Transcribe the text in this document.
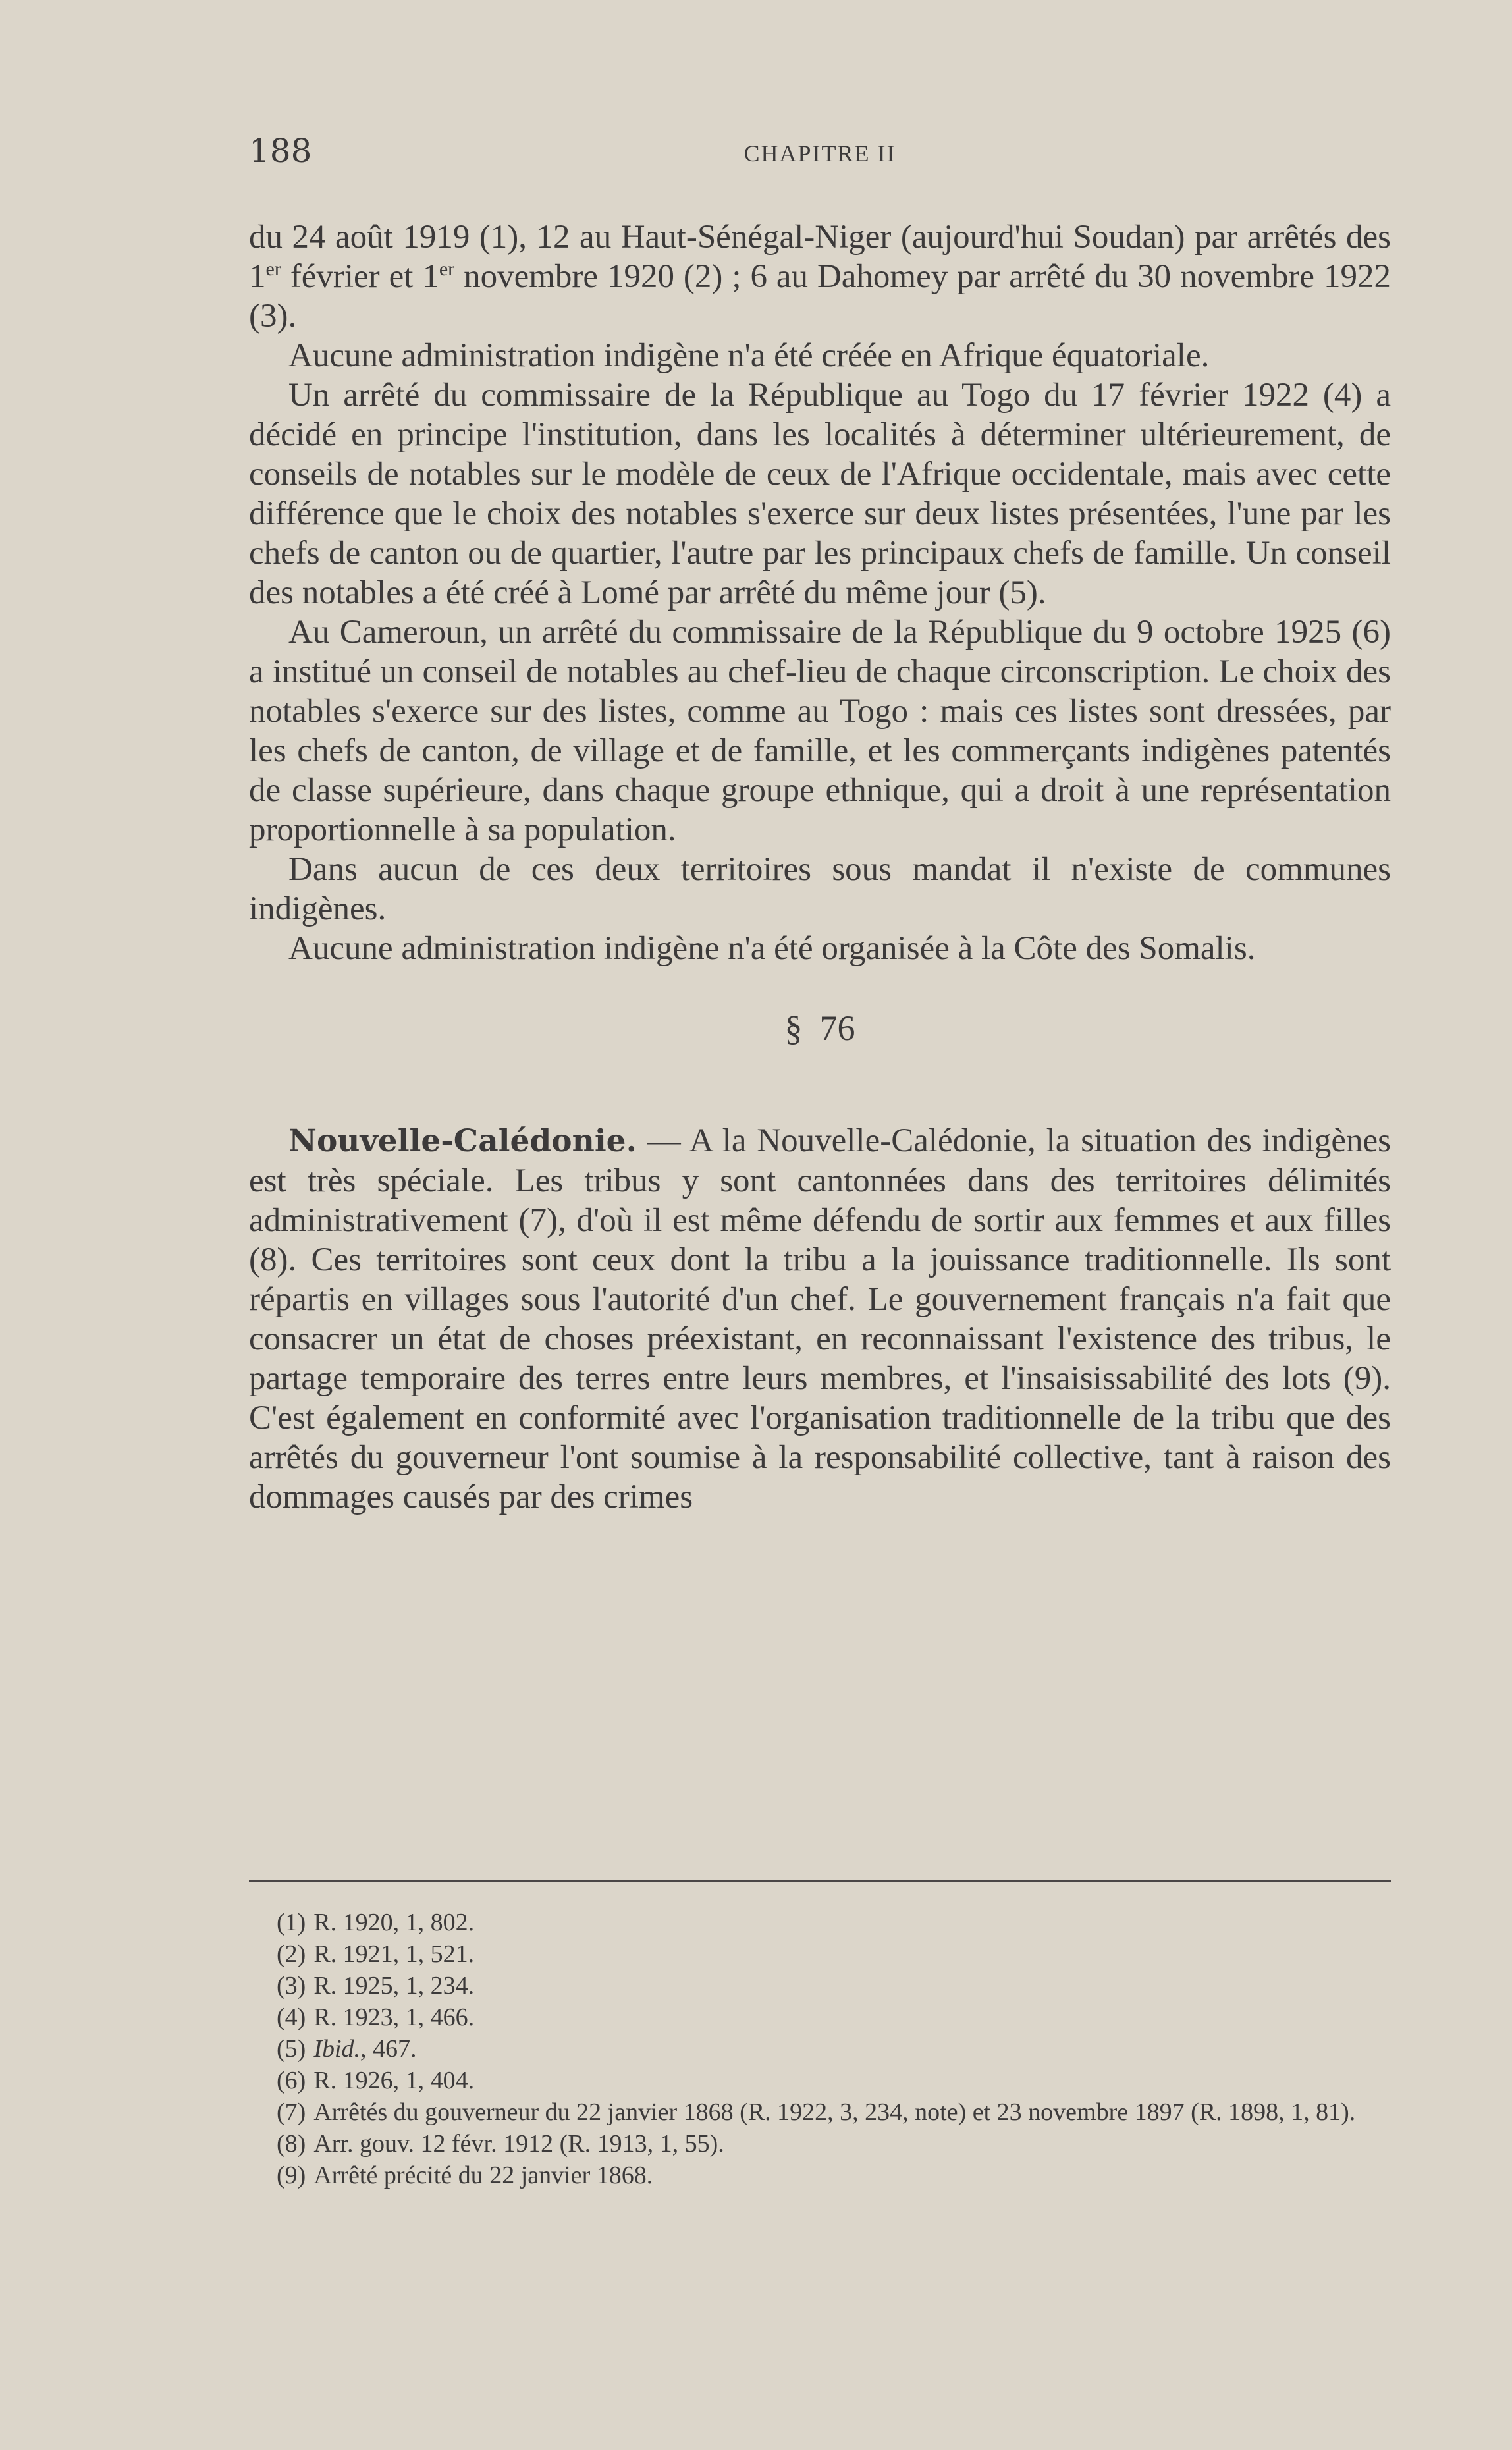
188	CHAPITRE II

du 24 août 1919 (1), 12 au Haut-Sénégal-Niger (aujourd'hui Soudan) par arrêtés des 1er février et 1er novembre 1920 (2) ; 6 au Dahomey par arrêté du 30 novembre 1922 (3).

Aucune administration indigène n'a été créée en Afrique équatoriale.

Un arrêté du commissaire de la République au Togo du 17 février 1922 (4) a décidé en principe l'institution, dans les localités à déterminer ultérieurement, de conseils de notables sur le modèle de ceux de l'Afrique occidentale, mais avec cette différence que le choix des notables s'exerce sur deux listes présentées, l'une par les chefs de canton ou de quartier, l'autre par les principaux chefs de famille. Un conseil des notables a été créé à Lomé par arrêté du même jour (5).

Au Cameroun, un arrêté du commissaire de la République du 9 octobre 1925 (6) a institué un conseil de notables au chef-lieu de chaque circonscription. Le choix des notables s'exerce sur des listes, comme au Togo : mais ces listes sont dressées, par les chefs de canton, de village et de famille, et les commerçants indigènes patentés de classe supérieure, dans chaque groupe ethnique, qui a droit à une représentation proportionnelle à sa population.

Dans aucun de ces deux territoires sous mandat il n'existe de communes indigènes.

Aucune administration indigène n'a été organisée à la Côte des Somalis.

§ 76

Nouvelle-Calédonie. — A la Nouvelle-Calédonie, la situation des indigènes est très spéciale. Les tribus y sont cantonnées dans des territoires délimités administrativement (7), d'où il est même défendu de sortir aux femmes et aux filles (8). Ces territoires sont ceux dont la tribu a la jouissance traditionnelle. Ils sont répartis en villages sous l'autorité d'un chef. Le gouvernement français n'a fait que consacrer un état de choses préexistant, en reconnaissant l'existence des tribus, le partage temporaire des terres entre leurs membres, et l'insaisissabilité des lots (9). C'est également en conformité avec l'organisation traditionnelle de la tribu que des arrêtés du gouverneur l'ont soumise à la responsabilité collective, tant à raison des dommages causés par des crimes

(1) R. 1920, 1, 802.
(2) R. 1921, 1, 521.
(3) R. 1925, 1, 234.
(4) R. 1923, 1, 466.
(5) Ibid., 467.
(6) R. 1926, 1, 404.
(7) Arrêtés du gouverneur du 22 janvier 1868 (R. 1922, 3, 234, note) et 23 novembre 1897 (R. 1898, 1, 81).
(8) Arr. gouv. 12 févr. 1912 (R. 1913, 1, 55).
(9) Arrêté précité du 22 janvier 1868.
